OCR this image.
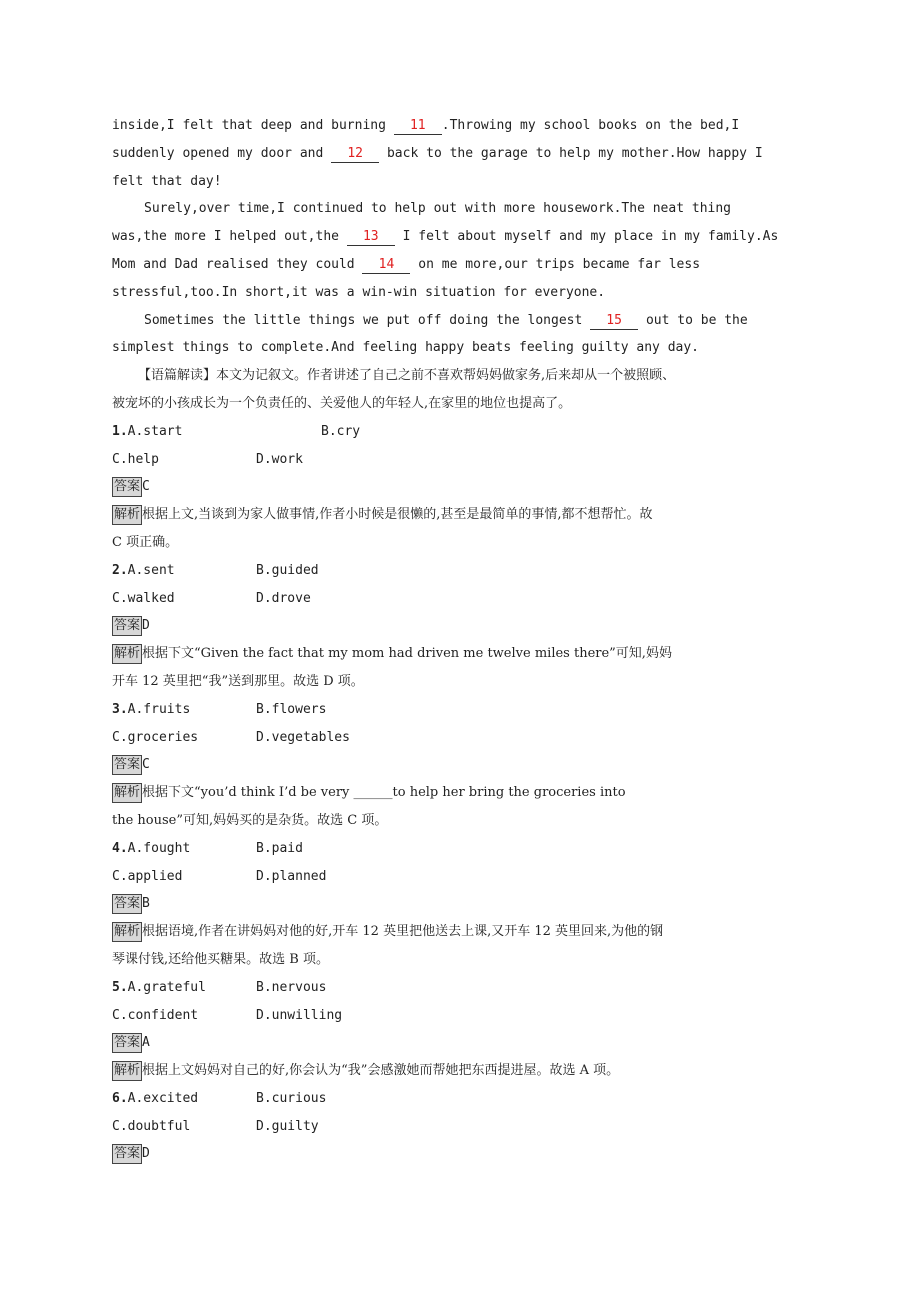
inside,I felt that deep and burning 11 .Throwing my school books on the bed,I
suddenly opened my door and 12 back to the garage to help my mother.How happy I
felt that day!
Surely,over time,I continued to help out with more housework.The neat thing
was,the more I helped out,the 13 I felt about myself and my place in my family.As
Mom and Dad realised they could 14 on me more,our trips became far less
stressful,too.In short,it was a win-win situation for everyone.
Sometimes the little things we put off doing the longest 15 out to be the
simplest things to complete.And feeling happy beats feeling guilty any day.
【语篇解读】本文为记叙文。作者讲述了自己之前不喜欢帮妈妈做家务,后来却从一个被照顾、
被宠坏的小孩成长为一个负责任的、关爱他人的年轻人,在家里的地位也提高了。
1.A.start	B.cry
C.help	D.work
答案 C
解析 根据上文,当谈到为家人做事情,作者小时候是很懒的,甚至是最简单的事情,都不想帮忙。故
C 项正确。
2.A.sent	B.guided
C.walked	D.drove
答案 D
解析 根据下文“Given the fact that my mom had driven me twelve miles there”可知,妈妈
开车 12 英里把“我”送到那里。故选 D 项。
3.A.fruits	B.flowers
C.groceries	D.vegetables
答案 C
解析 根据下文“you’d think I’d be very ______to help her bring the groceries into
the house”可知,妈妈买的是杂货。故选 C 项。
4.A.fought	B.paid
C.applied	D.planned
答案 B
解析 根据语境,作者在讲妈妈对他的好,开车 12 英里把他送去上课,又开车 12 英里回来,为他的钢
琴课付钱,还给他买糖果。故选 B 项。
5.A.grateful	B.nervous
C.confident	D.unwilling
答案 A
解析 根据上文妈妈对自己的好,你会认为“我”会感激她而帮她把东西提进屋。故选 A 项。
6.A.excited	B.curious
C.doubtful	D.guilty
答案 D
